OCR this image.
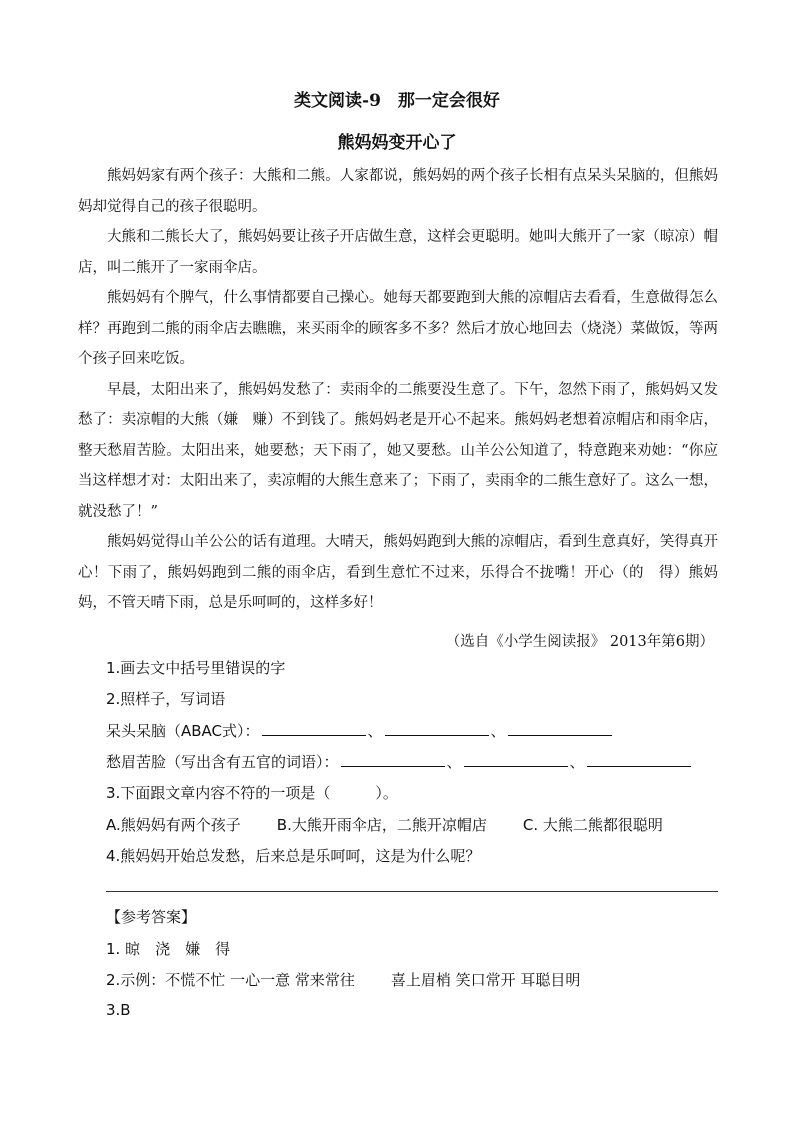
类文阅读-9　那一定会很好
熊妈妈变开心了

熊妈妈家有两个孩子：大熊和二熊。人家都说，熊妈妈的两个孩子长相有点呆头呆脑的，但熊妈妈却觉得自己的孩子很聪明。

大熊和二熊长大了，熊妈妈要让孩子开店做生意，这样会更聪明。她叫大熊开了一家（晾凉）帽店，叫二熊开了一家雨伞店。

熊妈妈有个脾气，什么事情都要自己操心。她每天都要跑到大熊的凉帽店去看看，生意做得怎么样？再跑到二熊的雨伞店去瞧瞧，来买雨伞的顾客多不多？然后才放心地回去（烧浇）菜做饭，等两个孩子回来吃饭。

早晨，太阳出来了，熊妈妈发愁了：卖雨伞的二熊要没生意了。下午，忽然下雨了，熊妈妈又发愁了：卖凉帽的大熊（嫌　赚）不到钱了。熊妈妈老是开心不起来。熊妈妈老想着凉帽店和雨伞店，整天愁眉苦脸。太阳出来，她要愁；天下雨了，她又要愁。山羊公公知道了，特意跑来劝她：“你应当这样想才对：太阳出来了，卖凉帽的大熊生意来了；下雨了，卖雨伞的二熊生意好了。这么一想，就没愁了！”

熊妈妈觉得山羊公公的话有道理。大晴天，熊妈妈跑到大熊的凉帽店，看到生意真好，笑得真开心！下雨了，熊妈妈跑到二熊的雨伞店，看到生意忙不过来，乐得合不拢嘴！开心（的　得）熊妈妈，不管天晴下雨，总是乐呵呵的，这样多好！

（选自《小学生阅读报》 2013年第6期）
1.画去文中括号里错误的字
2.照样子，写词语
呆头呆脑（ABAC式）：	、	、
愁眉苦脸（写出含有五官的词语）：	、	、
3.下面跟文章内容不符的一项是（　　　）。
A.熊妈妈有两个孩子 B.大熊开雨伞店，二熊开凉帽店 C. 大熊二熊都很聪明
4.熊妈妈开始总发愁，后来总是乐呵呵，这是为什么呢？
【参考答案】
1. 晾　浇　嫌　得
2.示例：不慌不忙 一心一意 常来常往 喜上眉梢 笑口常开 耳聪目明
3.B
